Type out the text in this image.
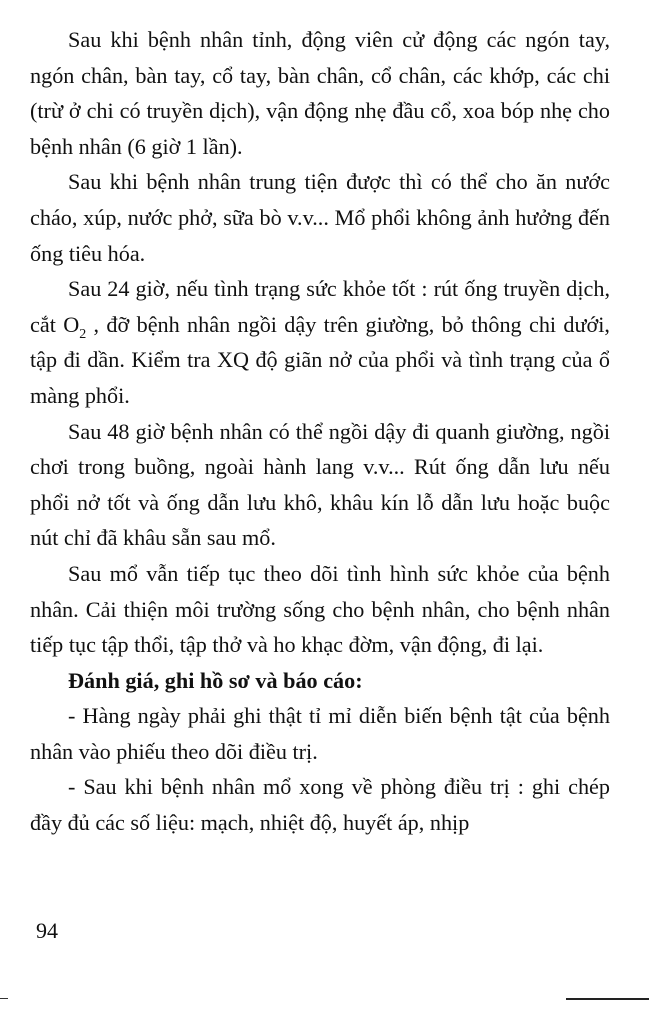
Sau khi bệnh nhân tỉnh, động viên cử động các ngón tay, ngón chân, bàn tay, cổ tay, bàn chân, cổ chân, các khớp, các chi (trừ ở chi có truyền dịch), vận động nhẹ đầu cổ, xoa bóp nhẹ cho bệnh nhân (6 giờ 1 lần).

Sau khi bệnh nhân trung tiện được thì có thể cho ăn nước cháo, xúp, nước phở, sữa bò v.v... Mổ phổi không ảnh hưởng đến ống tiêu hóa.

Sau 24 giờ, nếu tình trạng sức khỏe tốt : rút ống truyền dịch, cắt $O_2$ , đỡ bệnh nhân ngồi dậy trên giường, bỏ thông chi dưới, tập đi dần. Kiểm tra XQ độ giãn nở của phổi và tình trạng của ổ màng phổi.

Sau 48 giờ bệnh nhân có thể ngồi dậy đi quanh giường, ngồi chơi trong buồng, ngoài hành lang v.v... Rút ống dẫn lưu nếu phổi nở tốt và ống dẫn lưu khô, khâu kín lỗ dẫn lưu hoặc buộc nút chỉ đã khâu sẵn sau mổ.

Sau mổ vẫn tiếp tục theo dõi tình hình sức khỏe của bệnh nhân. Cải thiện môi trường sống cho bệnh nhân, cho bệnh nhân tiếp tục tập thổi, tập thở và ho khạc đờm, vận động, đi lại.

Đánh giá, ghi hồ sơ và báo cáo:

- Hàng ngày phải ghi thật tỉ mỉ diễn biến bệnh tật của bệnh nhân vào phiếu theo dõi điều trị.

- Sau khi bệnh nhân mổ xong về phòng điều trị : ghi chép đầy đủ các số liệu: mạch, nhiệt độ, huyết áp, nhịp

94
